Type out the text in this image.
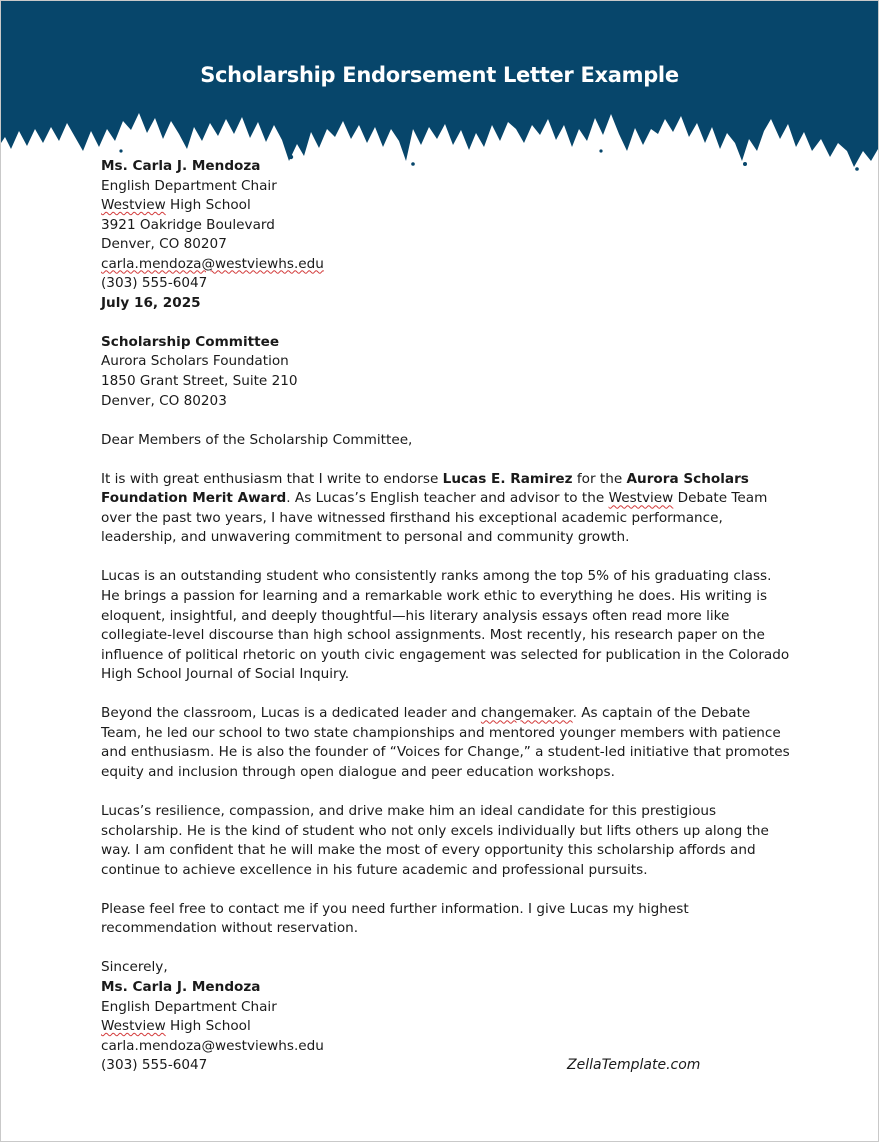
Scholarship Endorsement Letter Example

Ms. Carla J. Mendoza

English Department Chair

Westview High School

3921 Oakridge Boulevard

Denver, CO 80207

carla.mendoza@westviewhs.edu

(303) 555-6047

July 16, 2025

Scholarship Committee

Aurora Scholars Foundation

1850 Grant Street, Suite 210

Denver, CO 80203

Dear Members of the Scholarship Committee,

It is with great enthusiasm that I write to endorse Lucas E. Ramirez for the Aurora Scholars Foundation Merit Award. As Lucas’s English teacher and advisor to the Westview Debate Team over the past two years, I have witnessed firsthand his exceptional academic performance, leadership, and unwavering commitment to personal and community growth.

Lucas is an outstanding student who consistently ranks among the top 5% of his graduating class. He brings a passion for learning and a remarkable work ethic to everything he does. His writing is eloquent, insightful, and deeply thoughtful—his literary analysis essays often read more like collegiate-level discourse than high school assignments. Most recently, his research paper on the influence of political rhetoric on youth civic engagement was selected for publication in the Colorado High School Journal of Social Inquiry.

Beyond the classroom, Lucas is a dedicated leader and changemaker. As captain of the Debate Team, he led our school to two state championships and mentored younger members with patience and enthusiasm. He is also the founder of “Voices for Change,” a student-led initiative that promotes equity and inclusion through open dialogue and peer education workshops.

Lucas’s resilience, compassion, and drive make him an ideal candidate for this prestigious scholarship. He is the kind of student who not only excels individually but lifts others up along the way. I am confident that he will make the most of every opportunity this scholarship affords and continue to achieve excellence in his future academic and professional pursuits.

Please feel free to contact me if you need further information. I give Lucas my highest recommendation without reservation.

Sincerely,

Ms. Carla J. Mendoza

English Department Chair

Westview High School

carla.mendoza@westviewhs.edu

(303) 555-6047	ZellaTemplate.com
